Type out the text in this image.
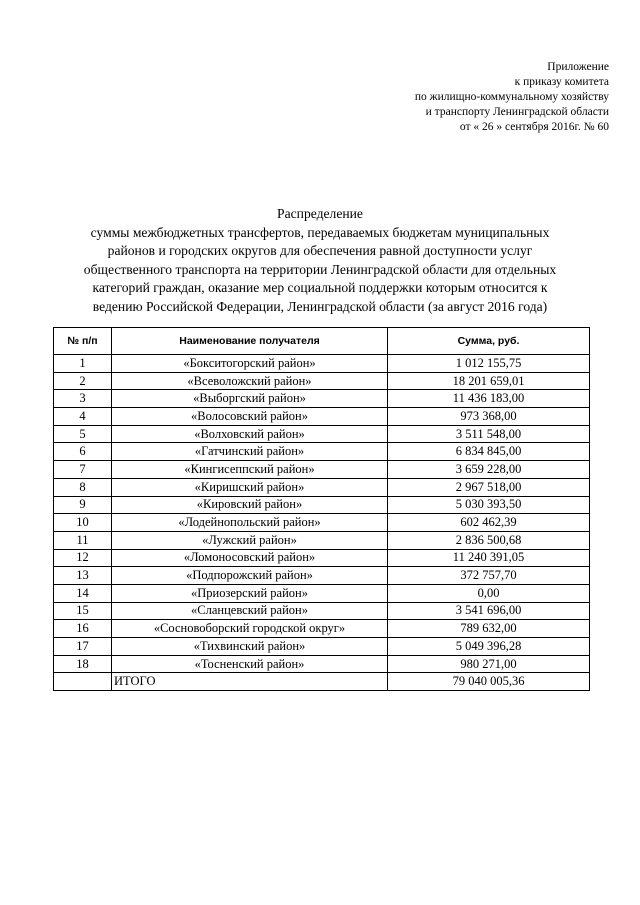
Приложение
к приказу комитета
по жилищно-коммунальному хозяйству
и транспорту Ленинградской области
от « 26 » сентября 2016г. № 60
Распределение
суммы межбюджетных трансфертов, передаваемых бюджетам муниципальных
районов и городских округов для обеспечения равной доступности услуг
общественного транспорта на территории Ленинградской области для отдельных
категорий граждан, оказание мер социальной поддержки которым относится к
ведению Российской Федерации, Ленинградской области (за август 2016 года)
№ п/п	Наименование получателя	Сумма, руб.
1	«Бокситогорский район»	1 012 155,75
2	«Всеволожский район»	18 201 659,01
3	«Выборгский район»	11 436 183,00
4	«Волосовский район»	973 368,00
5	«Волховский район»	3 511 548,00
6	«Гатчинский район»	6 834 845,00
7	«Кингисеппский район»	3 659 228,00
8	«Киришский район»	2 967 518,00
9	«Кировский район»	5 030 393,50
10	«Лодейнопольский район»	602 462,39
11	«Лужский район»	2 836 500,68
12	«Ломоносовский район»	11 240 391,05
13	«Подпорожский район»	372 757,70
14	«Приозерский район»	0,00
15	«Сланцевский район»	3 541 696,00
16	«Сосновоборский городской округ»	789 632,00
17	«Тихвинский район»	5 049 396,28
18	«Тосненский район»	980 271,00
	ИТОГО	79 040 005,36
